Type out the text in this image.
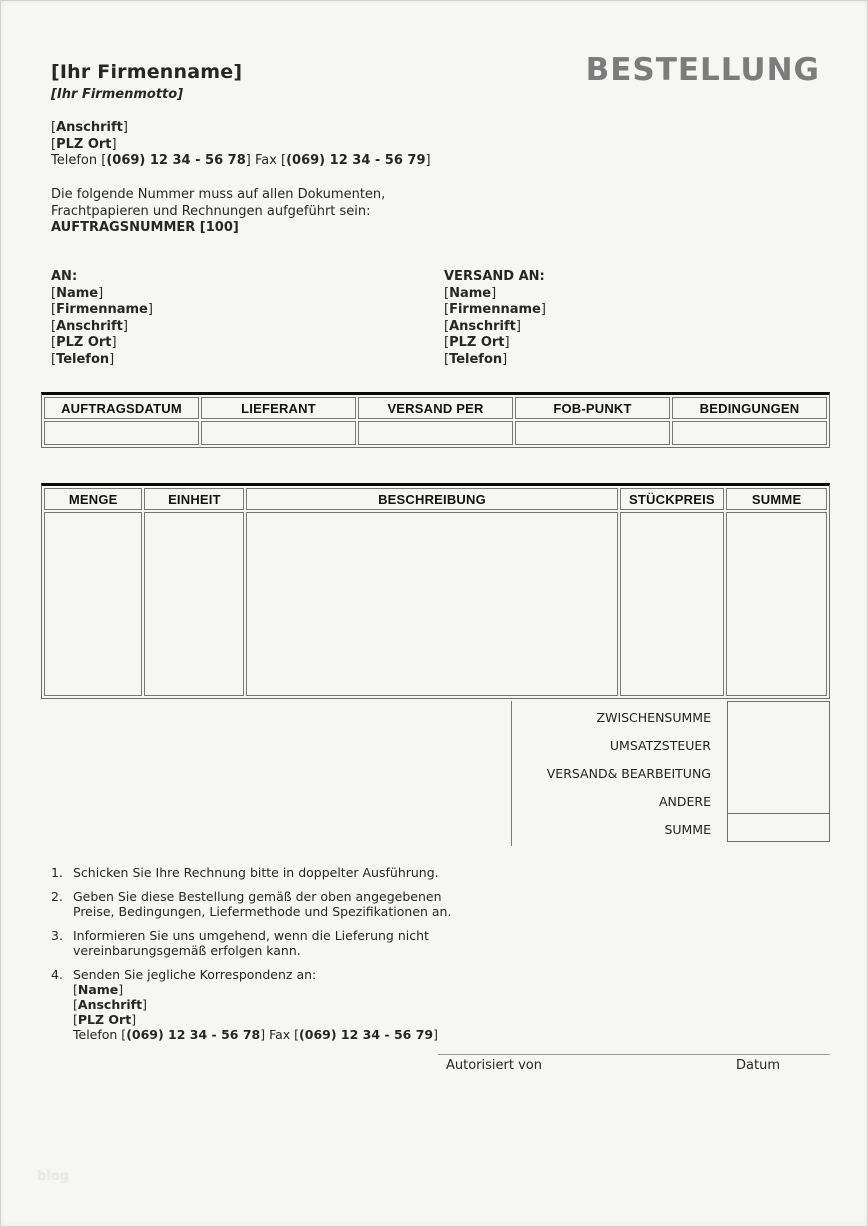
[Ihr Firmenname]
[Ihr Firmenmotto]
BESTELLUNG
[Anschrift]
[PLZ Ort]
Telefon [(069) 12 34 - 56 78] Fax [(069) 12 34 - 56 79]
Die folgende Nummer muss auf allen Dokumenten,
Frachtpapieren und Rechnungen aufgeführt sein:
AUFTRAGSNUMMER [100]
AN:
[Name]
[Firmenname]
[Anschrift]
[PLZ Ort]
[Telefon]
VERSAND AN:
[Name]
[Firmenname]
[Anschrift]
[PLZ Ort]
[Telefon]
AUFTRAGSDATUM	LIEFERANT	VERSAND PER	FOB-PUNKT	BEDINGUNGEN

MENGE	EINHEIT	BESCHREIBUNG	STÜCKPREIS	SUMME

ZWISCHENSUMME
UMSATZSTEUER
VERSAND& BEARBEITUNG
ANDERE
SUMME
1. Schicken Sie Ihre Rechnung bitte in doppelter Ausführung.
2. Geben Sie diese Bestellung gemäß der oben angegebenen Preise, Bedingungen, Liefermethode und Spezifikationen an.
3. Informieren Sie uns umgehend, wenn die Lieferung nicht vereinbarungsgemäß erfolgen kann.
4. Senden Sie jegliche Korrespondenz an:
[Name]
[Anschrift]
[PLZ Ort]
Telefon [(069) 12 34 - 56 78] Fax [(069) 12 34 - 56 79]
Autorisiert von	Datum
blog
